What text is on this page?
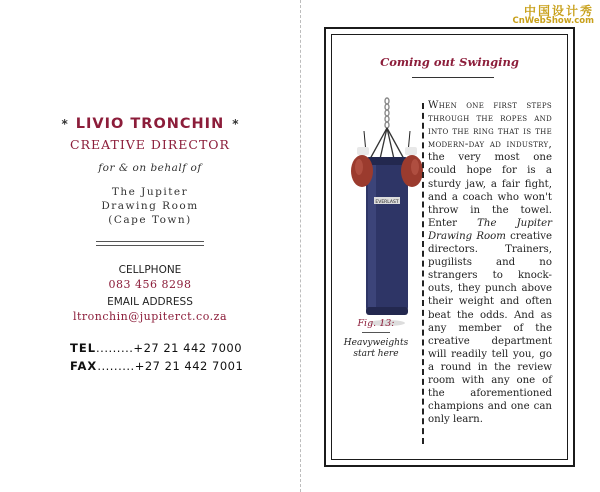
中国设计秀
CnWebShow.com
* LIVIO TRONCHIN *
CREATIVE DIRECTOR
for & on behalf of
The Jupiter
Drawing Room
(Cape Town)
CELLPHONE
083 456 8298
EMAIL ADDRESS
ltronchin@jupiterct.co.za
TEL.........+27 21 442 7000
FAX.........+27 21 442 7001
Coming out Swinging
EVERLAST
Fig. 13:
Heavyweights start here
When one first steps through the ropes and into the ring that is the modern-day ad industry, the very most one could hope for is a sturdy jaw, a fair fight, and a coach who won't throw in the towel. Enter The Jupiter Drawing Room creative directors. Trainers, pugilists and no strangers to knock-outs, they punch above their weight and often beat the odds. And as any member of the creative department will readily tell you, go a round in the review room with any one of the aforementioned champions and one can only learn.
